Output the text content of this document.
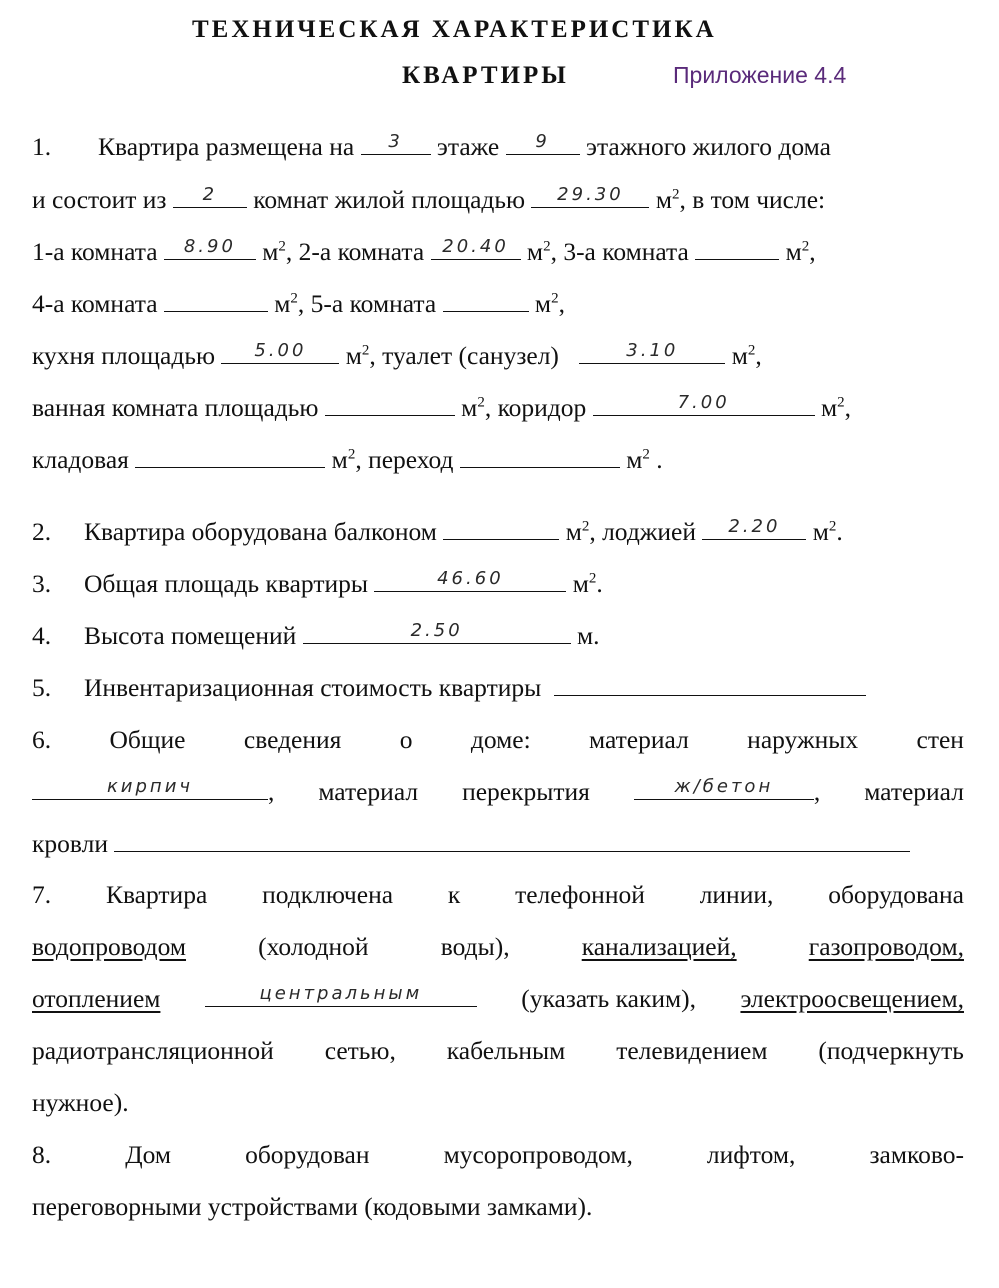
ТЕХНИЧЕСКАЯ ХАРАКТЕРИСТИКА
КВАРТИРЫ	Приложение 4.4
1. Квартира размещена на	3	этаже	9	этажного жилого дома
и состоит из	2	комнат жилой площадью	29.30	$м^2$, в том числе:
1-а комната	8.90	$м^2$, 2-а комната	20.40 $м^2$, 3-а комната	$м^2$,
4-а комната	$м^2$, 5-а комната	$м^2$,
кухня площадью	5.00	$м^2$, туалет (санузел)	3.10	$м^2$,
ванная комната площадью	$м^2$, коридор	7.00	$м^2$,
кладовая	$м^2$, переход	$м^2$ .
2. Квартира оборудована балконом	$м^2$, лоджией	2.20	$м^2$.
3. Общая площадь квартиры	46.60	$м^2$.
4. Высота помещений	2.50	м.
5. Инвентаризационная стоимость квартиры
6. Общие сведения о доме: материал наружных стен
кирпич	, материал перекрытия	ж/бетон	, материал
кровли
7. Квартира подключена к телефонной линии, оборудована
водопроводом	(холодной	воды),	канализацией,	газопроводом,
отоплением	центральным	(указать каким), электроосвещением,
радиотрансляционной сетью, кабельным телевидением (подчеркнуть
нужное).
8.	Дом	оборудован	мусоропроводом,	лифтом,	замково-
переговорными устройствами (кодовыми замками).
